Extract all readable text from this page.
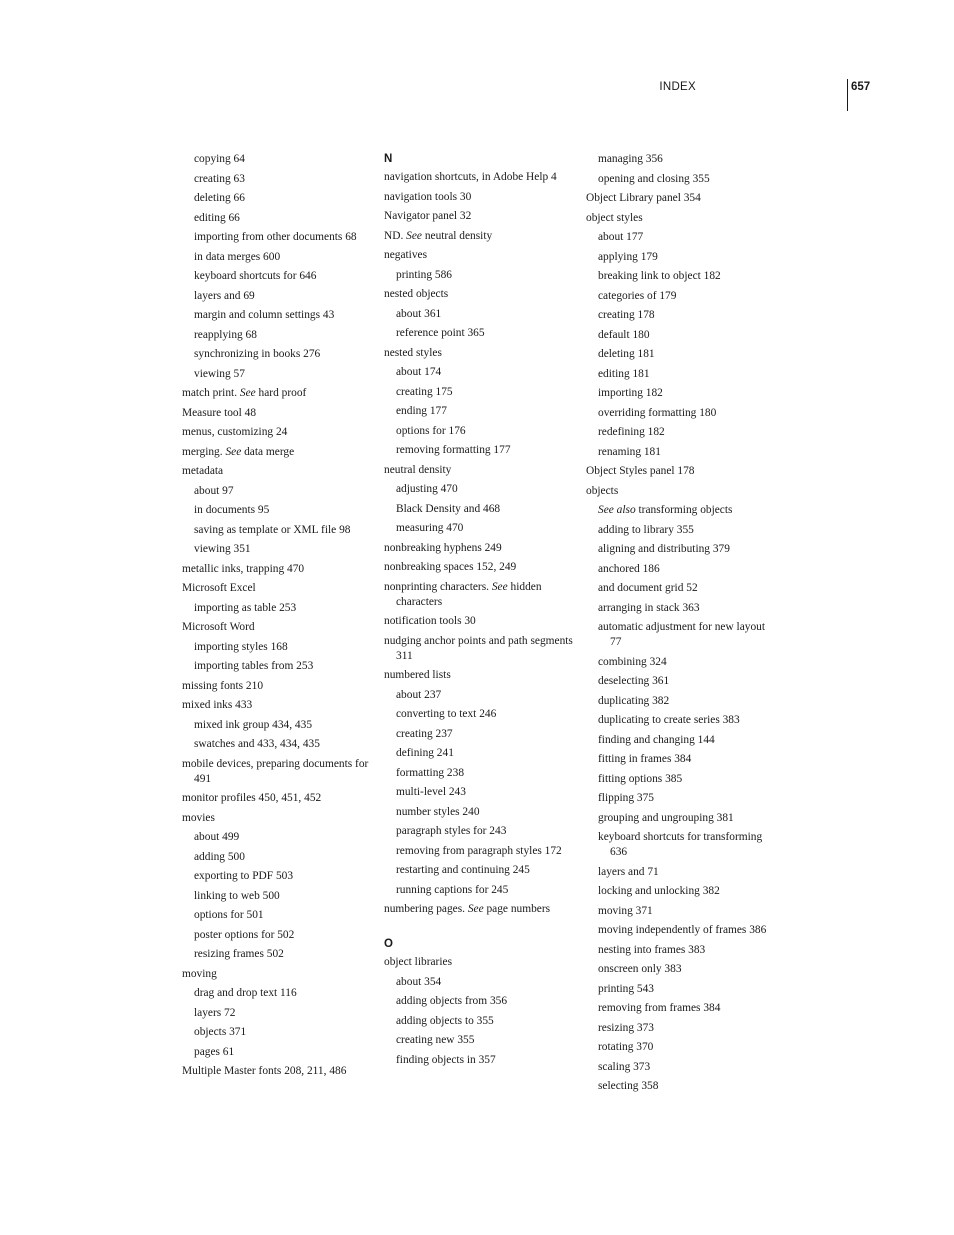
INDEX	657
copying 64
creating 63
deleting 66
editing 66
importing from other documents 68
in data merges 600
keyboard shortcuts for 646
layers and 69
margin and column settings 43
reapplying 68
synchronizing in books 276
viewing 57
match print. See hard proof
Measure tool 48
menus, customizing 24
merging. See data merge
metadata
about 97
in documents 95
saving as template or XML file 98
viewing 351
metallic inks, trapping 470
Microsoft Excel
importing as table 253
Microsoft Word
importing styles 168
importing tables from 253
missing fonts 210
mixed inks 433
mixed ink group 434, 435
swatches and 433, 434, 435
mobile devices, preparing documents for 491
monitor profiles 450, 451, 452
movies
about 499
adding 500
exporting to PDF 503
linking to web 500
options for 501
poster options for 502
resizing frames 502
moving
drag and drop text 116
layers 72
objects 371
pages 61
Multiple Master fonts 208, 211, 486
N
navigation shortcuts, in Adobe Help 4
navigation tools 30
Navigator panel 32
ND. See neutral density
negatives
printing 586
nested objects
about 361
reference point 365
nested styles
about 174
creating 175
ending 177
options for 176
removing formatting 177
neutral density
adjusting 470
Black Density and 468
measuring 470
nonbreaking hyphens 249
nonbreaking spaces 152, 249
nonprinting characters. See hidden characters
notification tools 30
nudging anchor points and path segments 311
numbered lists
about 237
converting to text 246
creating 237
defining 241
formatting 238
multi-level 243
number styles 240
paragraph styles for 243
removing from paragraph styles 172
restarting and continuing 245
running captions for 245
numbering pages. See page numbers
O
object libraries
about 354
adding objects from 356
adding objects to 355
creating new 355
finding objects in 357
managing 356
opening and closing 355
Object Library panel 354
object styles
about 177
applying 179
breaking link to object 182
categories of 179
creating 178
default 180
deleting 181
editing 181
importing 182
overriding formatting 180
redefining 182
renaming 181
Object Styles panel 178
objects
See also transforming objects
adding to library 355
aligning and distributing 379
anchored 186
and document grid 52
arranging in stack 363
automatic adjustment for new layout 77
combining 324
deselecting 361
duplicating 382
duplicating to create series 383
finding and changing 144
fitting in frames 384
fitting options 385
flipping 375
grouping and ungrouping 381
keyboard shortcuts for transforming 636
layers and 71
locking and unlocking 382
moving 371
moving independently of frames 386
nesting into frames 383
onscreen only 383
printing 543
removing from frames 384
resizing 373
rotating 370
scaling 373
selecting 358
